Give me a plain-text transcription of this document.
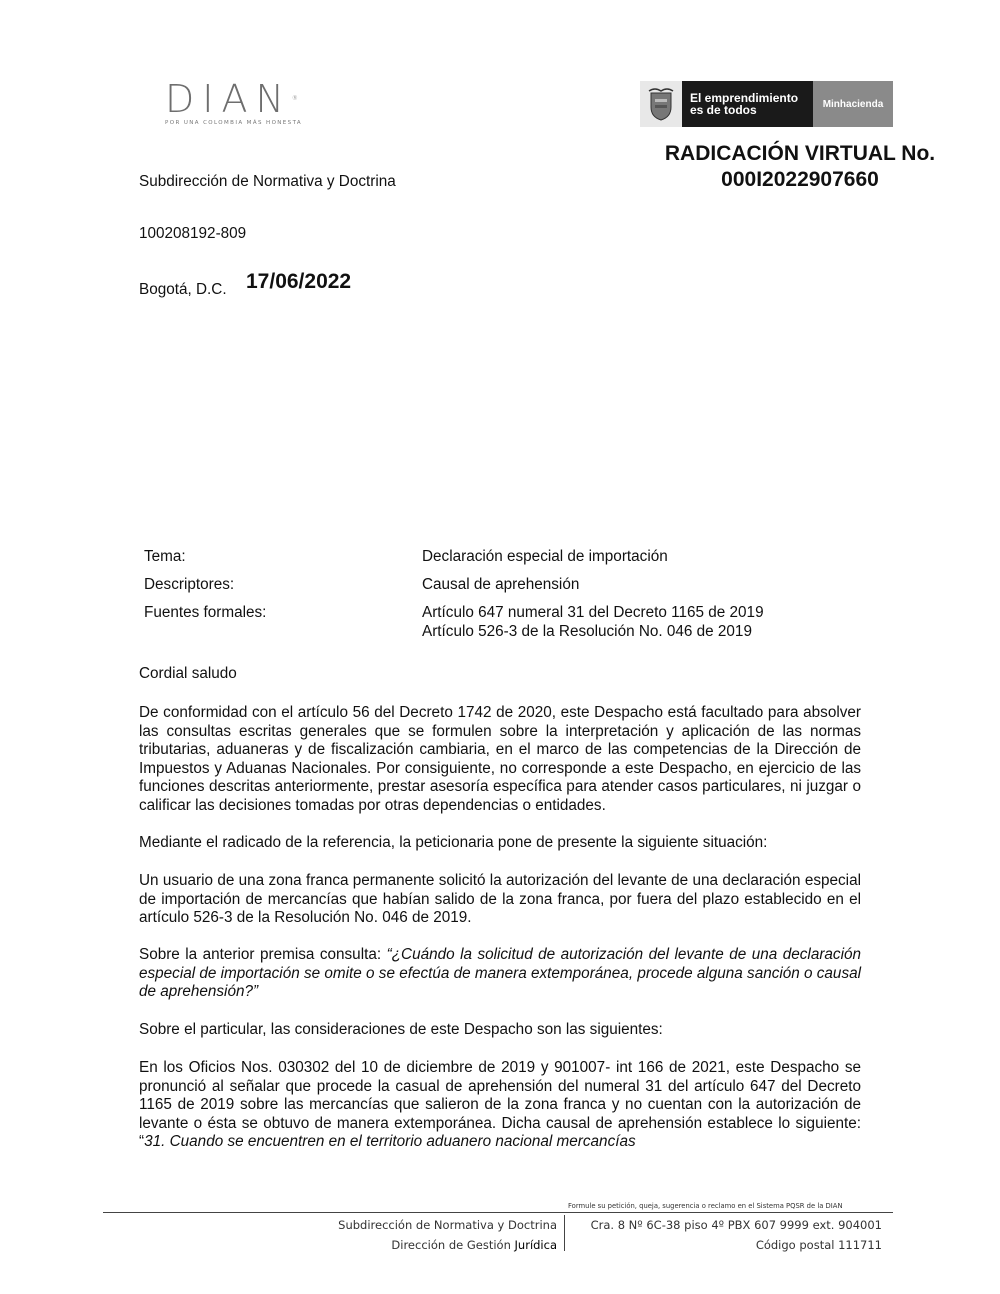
DIAN®
POR UNA COLOMBIA MÁS HONESTA
El emprendimiento
es de todos	Minhacienda
RADICACIÓN VIRTUAL No.
000I2022907660
Subdirección de Normativa y Doctrina
100208192-809
Bogotá, D.C. 17/06/2022
Tema:	Declaración especial de importación
Descriptores:	Causal de aprehensión
Fuentes formales:	Artículo 647 numeral 31 del Decreto 1165 de 2019
Artículo 526-3 de la Resolución No. 046 de 2019
Cordial saludo
De conformidad con el artículo 56 del Decreto 1742 de 2020, este Despacho está facultado para absolver las consultas escritas generales que se formulen sobre la interpretación y aplicación de las normas tributarias, aduaneras y de fiscalización cambiaria, en el marco de las competencias de la Dirección de Impuestos y Aduanas Nacionales. Por consiguiente, no corresponde a este Despacho, en ejercicio de las funciones descritas anteriormente, prestar asesoría específica para atender casos particulares, ni juzgar o calificar las decisiones tomadas por otras dependencias o entidades.
Mediante el radicado de la referencia, la peticionaria pone de presente la siguiente situación:
Un usuario de una zona franca permanente solicitó la autorización del levante de una declaración especial de importación de mercancías que habían salido de la zona franca, por fuera del plazo establecido en el artículo 526-3 de la Resolución No. 046 de 2019.
Sobre la anterior premisa consulta: “¿Cuándo la solicitud de autorización del levante de una declaración especial de importación se omite o se efectúa de manera extemporánea, procede alguna sanción o causal de aprehensión?”
Sobre el particular, las consideraciones de este Despacho son las siguientes:
En los Oficios Nos. 030302 del 10 de diciembre de 2019 y 901007- int 166 de 2021, este Despacho se pronunció al señalar que procede la casual de aprehensión del numeral 31 del artículo 647 del Decreto 1165 de 2019 sobre las mercancías que salieron de la zona franca y no cuentan con la autorización de levante o ésta se obtuvo de manera extemporánea. Dicha causal de aprehensión establece lo siguiente: “31. Cuando se encuentren en el territorio aduanero nacional mercancías
Formule su petición, queja, sugerencia o reclamo en el Sistema PQSR de la DIAN
Subdirección de Normativa y Doctrina
Dirección de Gestión Jurídica
Cra. 8 Nº 6C-38 piso 4º PBX 607 9999 ext. 904001
Código postal 111711
